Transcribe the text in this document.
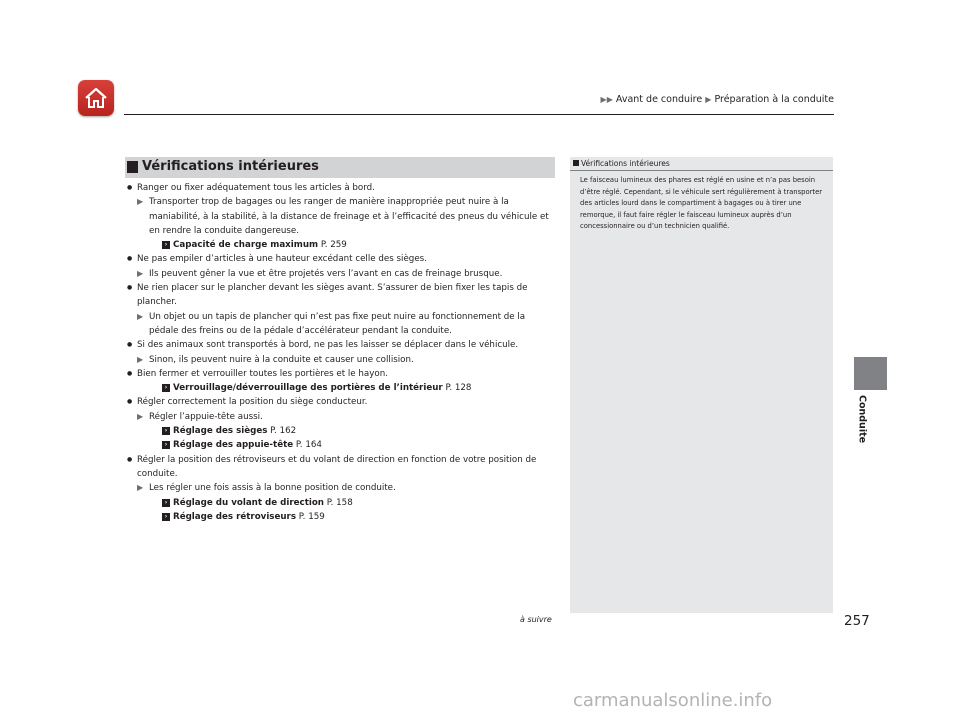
▶▶ Avant de conduire ▶ Préparation à la conduite
Conduite
Vérifications intérieures

● Ranger ou fixer adéquatement tous les articles à bord.

▶ Transporter trop de bagages ou les ranger de manière inappropriée peut nuire à la maniabilité, à la stabilité, à la distance de freinage et à l’efficacité des pneus du véhicule et en rendre la conduite dangereuse.

› Capacité de charge maximum P. 259

● Ne pas empiler d’articles à une hauteur excédant celle des sièges.

▶ Ils peuvent gêner la vue et être projetés vers l’avant en cas de freinage brusque.

● Ne rien placer sur le plancher devant les sièges avant. S’assurer de bien fixer les tapis de plancher.

▶ Un objet ou un tapis de plancher qui n’est pas fixe peut nuire au fonctionnement de la pédale des freins ou de la pédale d’accélérateur pendant la conduite.

● Si des animaux sont transportés à bord, ne pas les laisser se déplacer dans le véhicule.

▶ Sinon, ils peuvent nuire à la conduite et causer une collision.

● Bien fermer et verrouiller toutes les portières et le hayon.

› Verrouillage/déverrouillage des portières de l’intérieur P. 128

● Régler correctement la position du siège conducteur.

▶ Régler l’appuie-tête aussi.

› Réglage des sièges P. 162

› Réglage des appuie-tête P. 164

● Régler la position des rétroviseurs et du volant de direction en fonction de votre position de conduite.

▶ Les régler une fois assis à la bonne position de conduite.

› Réglage du volant de direction P. 158

› Réglage des rétroviseurs P. 159

Vérifications intérieures
Le faisceau lumineux des phares est réglé en usine et n’a pas besoin d’être réglé. Cependant, si le véhicule sert régulièrement à transporter des articles lourd dans le compartiment à bagages ou à tirer une remorque, il faut faire régler le faisceau lumineux auprès d’un concessionnaire ou d’un technicien qualifié.
à suivre	257
carmanualsonline.info
